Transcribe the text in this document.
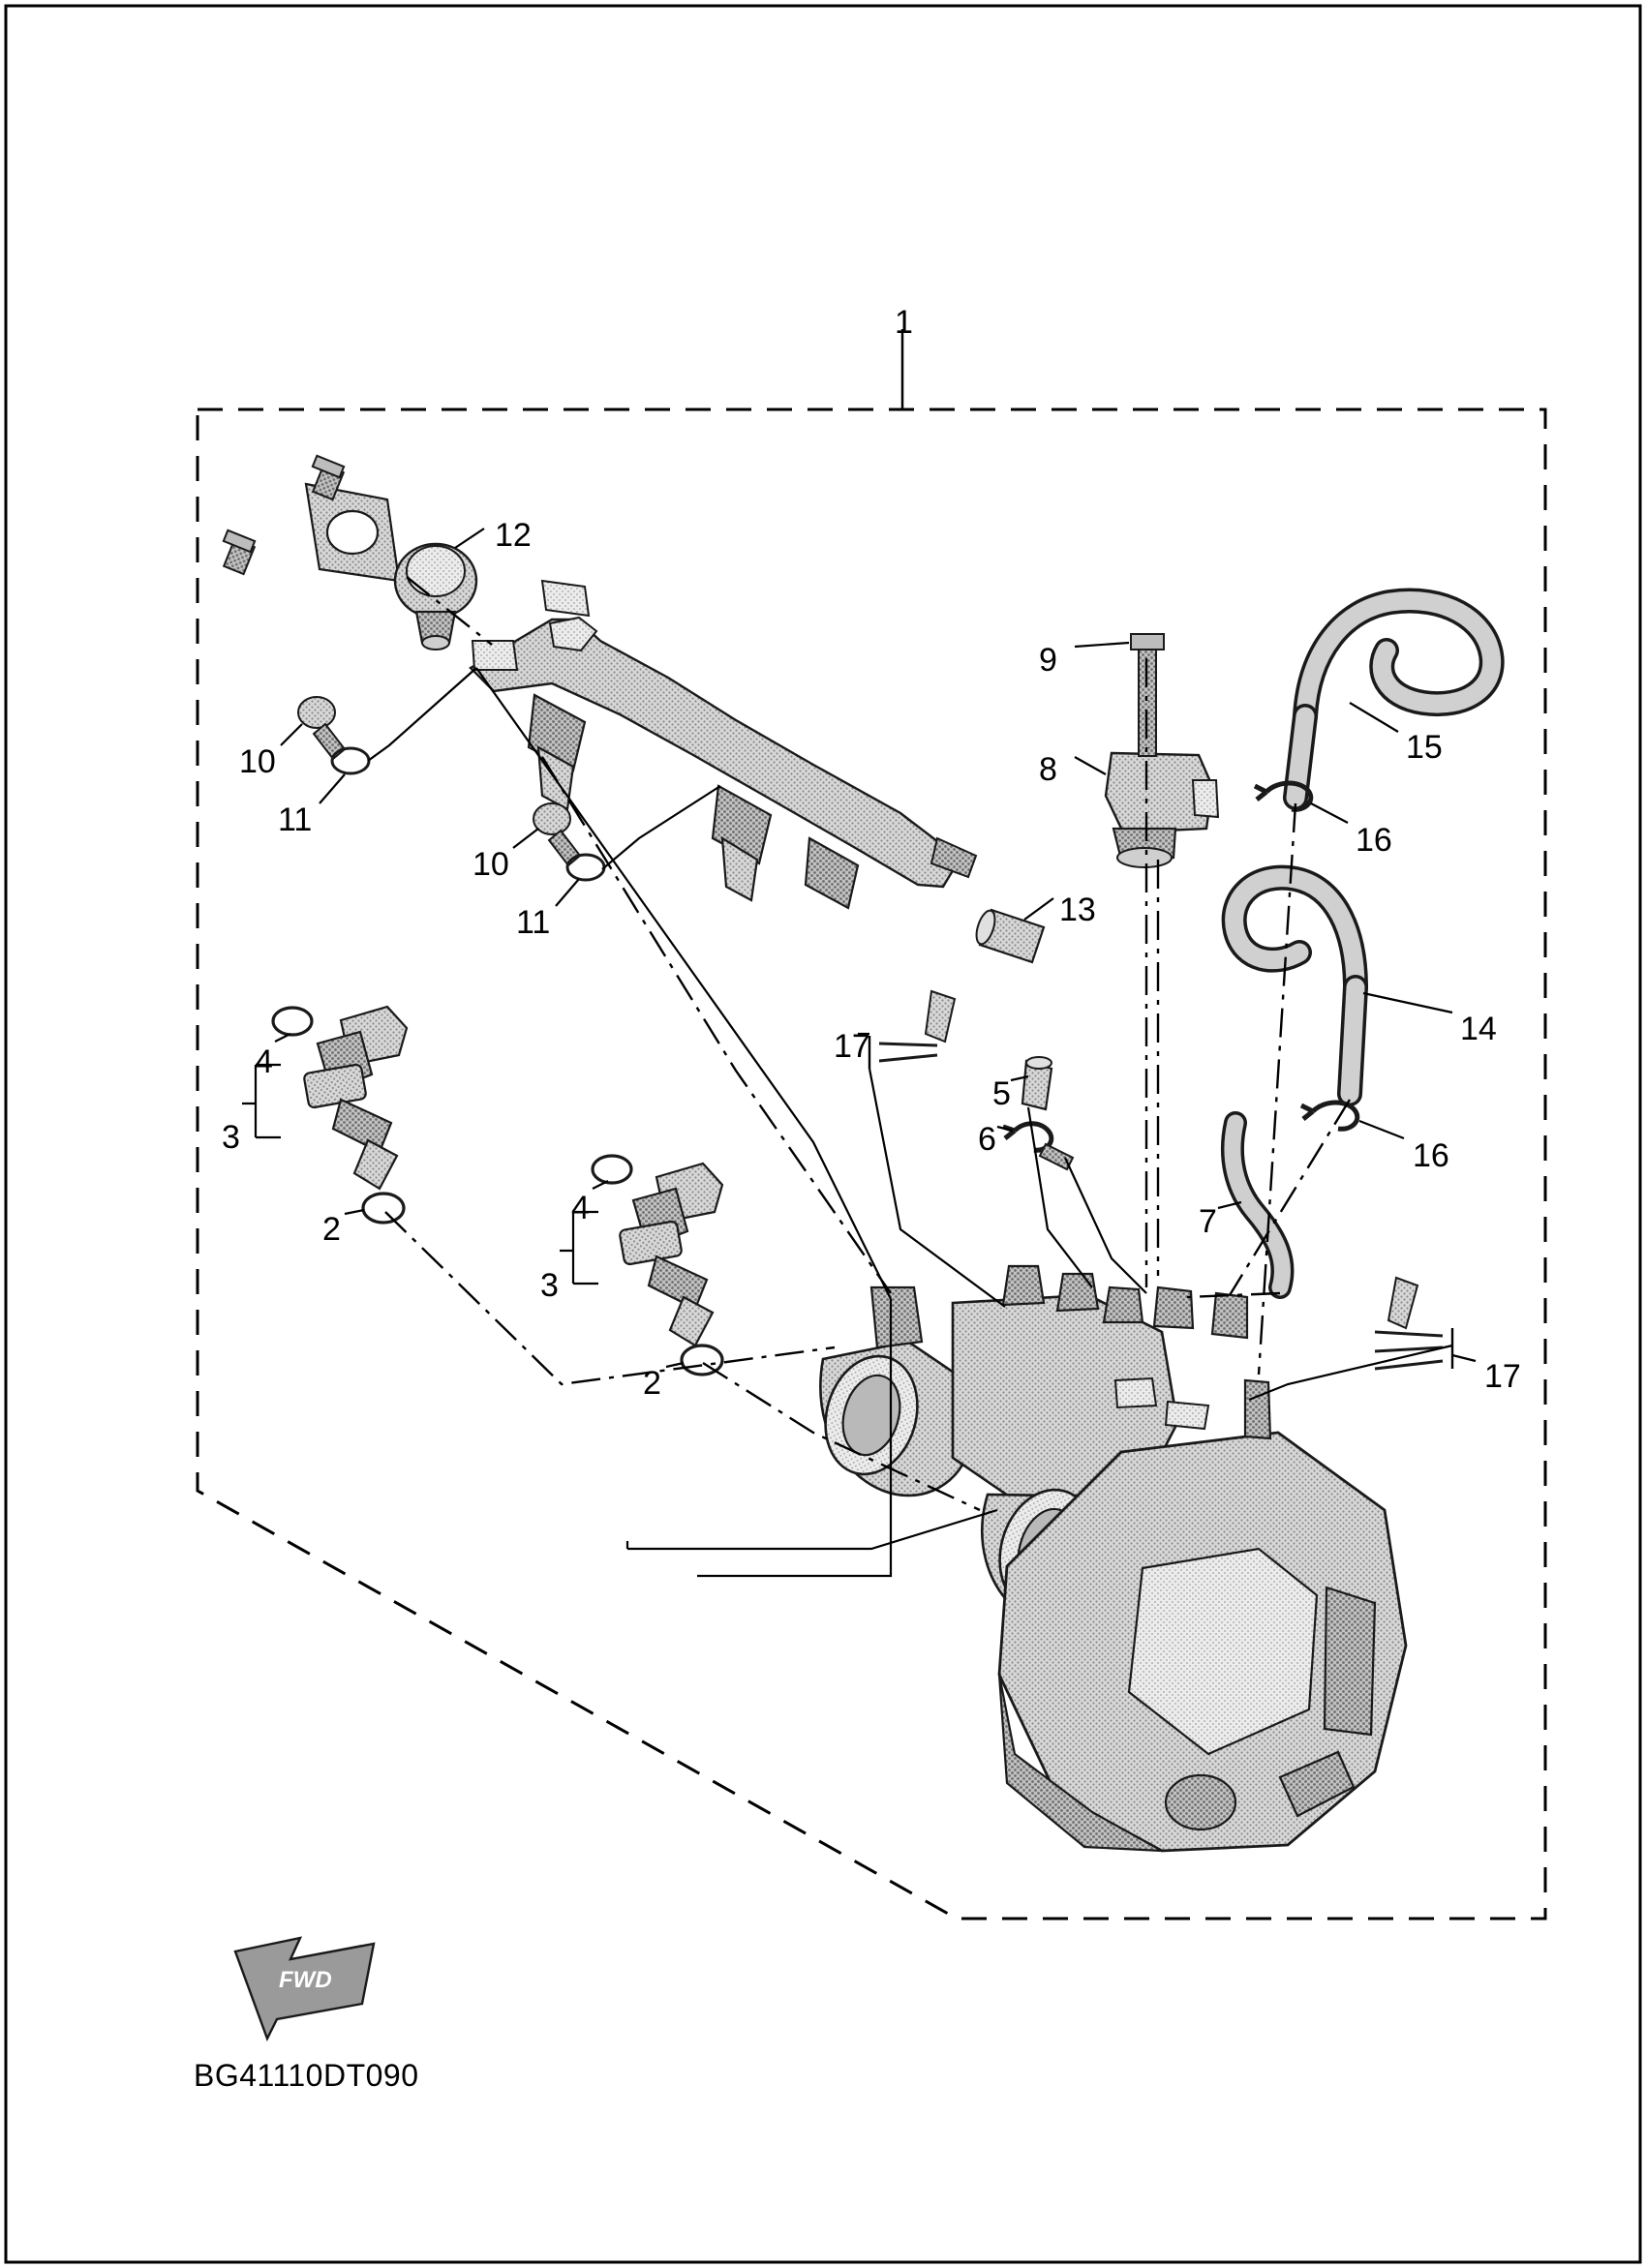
1
12
10
11
10
11
9
8
15
16
14
16
13
17
5
6
7
4
3
2
4
3
2	17
FWD
BG41110DT090
